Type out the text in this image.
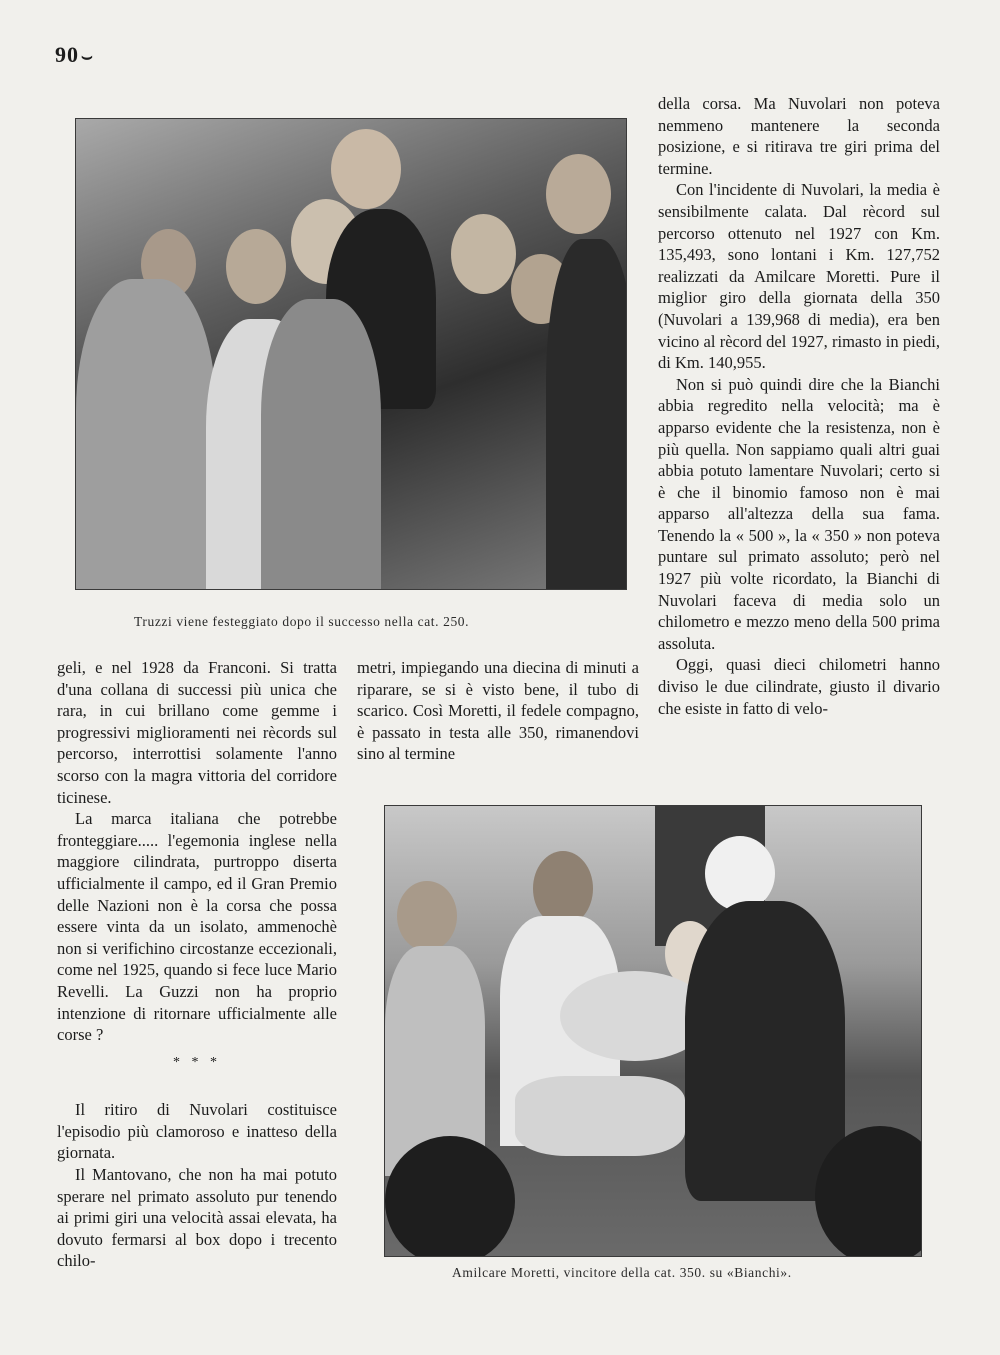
90 ⌣
Truzzi viene festeggiato dopo il successo nella cat. 250.

della corsa. Ma Nuvolari non poteva nemmeno mantenere la seconda posizione, e si ritirava tre giri prima del termine.

Con l'incidente di Nuvolari, la media è sensibilmente calata. Dal rècord sul percorso ottenuto nel 1927 con Km. 135,493, sono lontani i Km. 127,752 realizzati da Amilcare Moretti. Pure il miglior giro della giornata della 350 (Nuvolari a 139,968 di media), era ben vicino al rècord del 1927, rimasto in piedi, di Km. 140,955.

Non si può quindi dire che la Bianchi abbia regredito nella velocità; ma è apparso evidente che la resistenza, non è più quella. Non sappiamo quali altri guai abbia potuto lamentare Nuvolari; certo si è che il binomio famoso non è mai apparso all'altezza della sua fama. Tenendo la « 500 », la « 350 » non poteva puntare sul primato assoluto; però nel 1927 più volte ricordato, la Bianchi di Nuvolari faceva di media solo un chilometro e mezzo meno della 500 prima assoluta.

Oggi, quasi dieci chilometri hanno diviso le due cilindrate, giusto il divario che esiste in fatto di velo-

geli, e nel 1928 da Franconi. Si tratta d'una collana di successi più unica che rara, in cui brillano come gemme i progressivi miglioramenti nei rècords sul percorso, interrottisi solamente l'anno scorso con la magra vittoria del corridore ticinese.

La marca italiana che potrebbe fronteggiare..... l'egemonia inglese nella maggiore cilindrata, purtroppo diserta ufficialmente il campo, ed il Gran Premio delle Nazioni non è la corsa che possa essere vinta da un isolato, ammenochè non si verifichino circostanze eccezionali, come nel 1925, quando si fece luce Mario Revelli. La Guzzi non ha proprio intenzione di ritornare ufficialmente alle corse ?

* * *

Il ritiro di Nuvolari costituisce l'episodio più clamoroso e inatteso della giornata.

Il Mantovano, che non ha mai potuto sperare nel primato assoluto pur tenendo ai primi giri una velocità assai elevata, ha dovuto fermarsi al box dopo i trecento chilo-

metri, impiegando una diecina di minuti a riparare, se si è visto bene, il tubo di scarico. Così Moretti, il fedele compagno, è passato in testa alle 350, rimanendovi sino al termine

Amilcare Moretti, vincitore della cat. 350. su «Bianchi».
